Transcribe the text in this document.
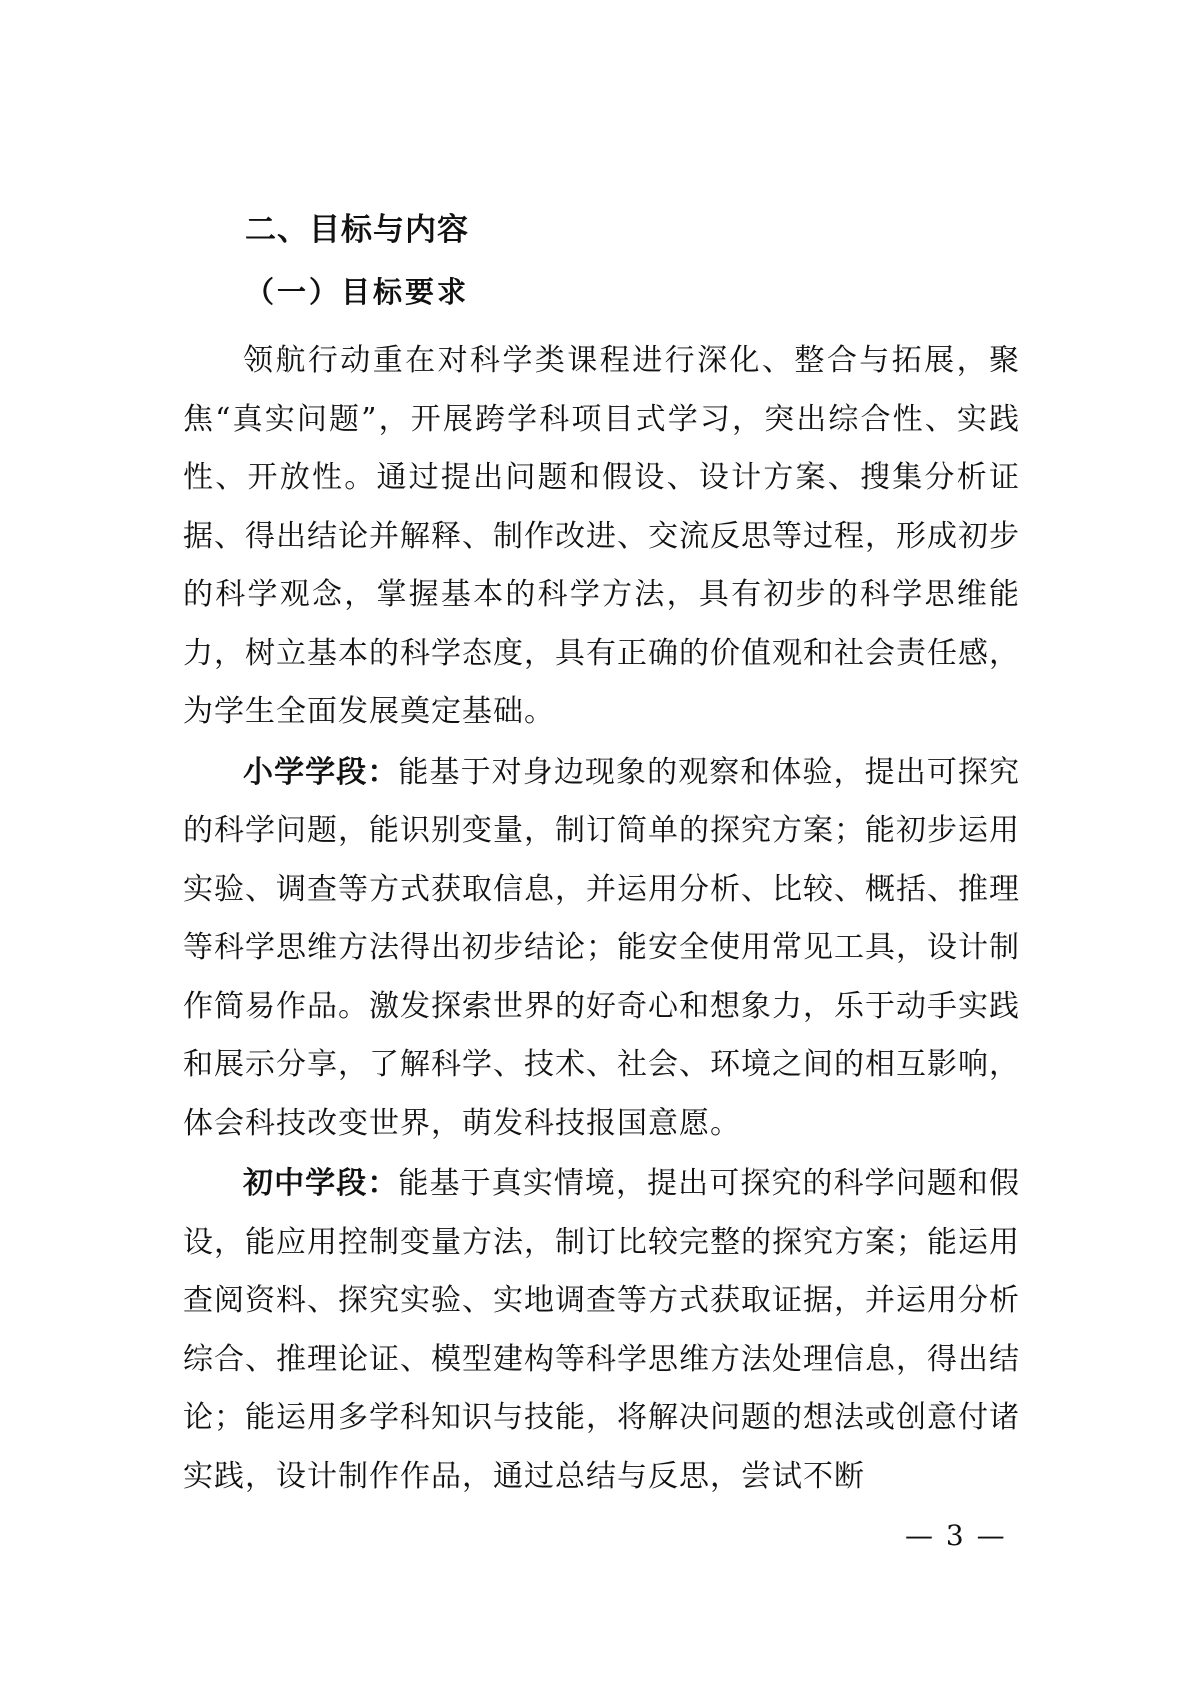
二、目标与内容
（一）目标要求

领航行动重在对科学类课程进行深化、整合与拓展，聚焦“真实问题”，开展跨学科项目式学习，突出综合性、实践性、开放性。通过提出问题和假设、设计方案、搜集分析证据、得出结论并解释、制作改进、交流反思等过程，形成初步的科学观念，掌握基本的科学方法，具有初步的科学思维能力，树立基本的科学态度，具有正确的价值观和社会责任感，为学生全面发展奠定基础。

小学学段：能基于对身边现象的观察和体验，提出可探究的科学问题，能识别变量，制订简单的探究方案；能初步运用实验、调查等方式获取信息，并运用分析、比较、概括、推理等科学思维方法得出初步结论；能安全使用常见工具，设计制作简易作品。激发探索世界的好奇心和想象力，乐于动手实践和展示分享，了解科学、技术、社会、环境之间的相互影响，体会科技改变世界，萌发科技报国意愿。

初中学段：能基于真实情境，提出可探究的科学问题和假设，能应用控制变量方法，制订比较完整的探究方案；能运用查阅资料、探究实验、实地调查等方式获取证据，并运用分析综合、推理论证、模型建构等科学思维方法处理信息，得出结论；能运用多学科知识与技能，将解决问题的想法或创意付诸实践，设计制作作品，通过总结与反思，尝试不断

— 3 —
